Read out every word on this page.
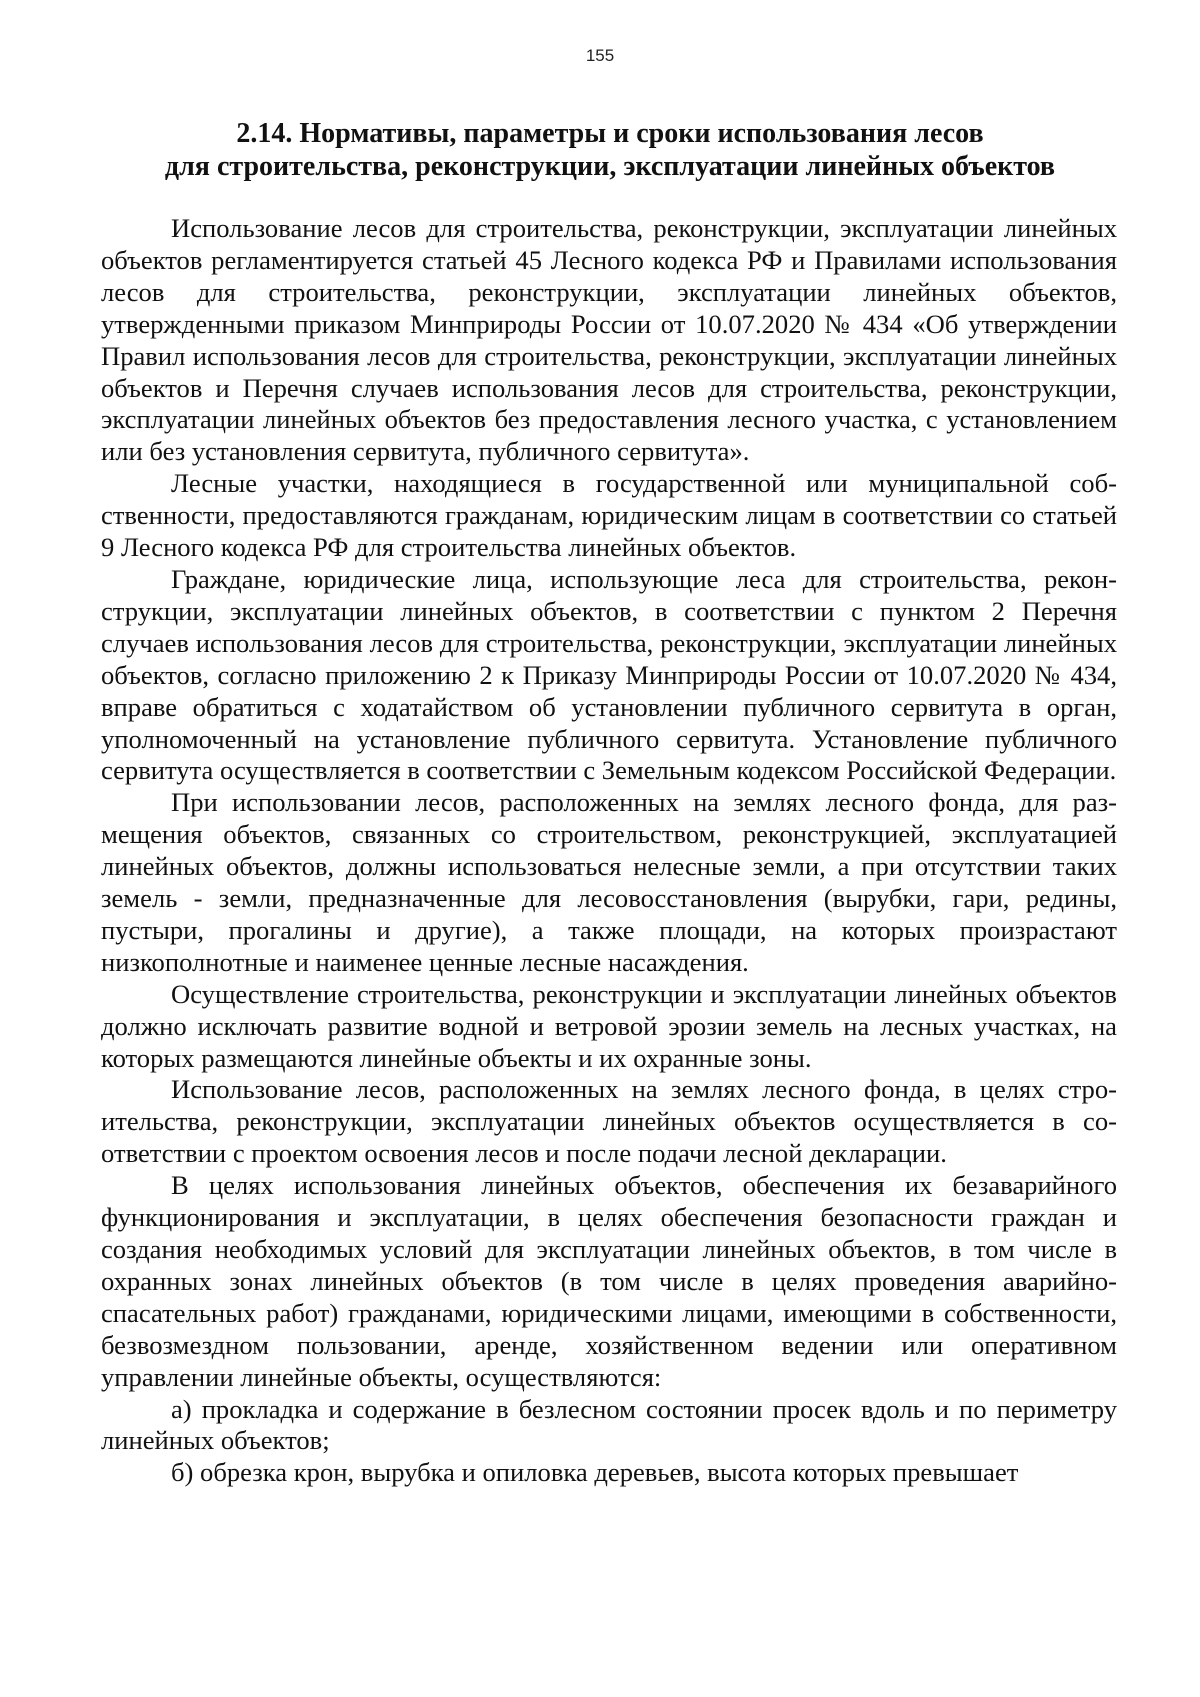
155
2.14. Нормативы, параметры и сроки использования лесов
для строительства, реконструкции, эксплуатации линейных объектов

Использование лесов для строительства, реконструкции, эксплуатации линейных объектов регламентируется статьей 45 Лесного кодекса РФ и Правилами использования лесов для строительства, реконструкции, эксплуатации линейных объектов, утвержденными приказом Минприроды России от 10.07.2020 № 434 «Об утверждении Правил использования лесов для строительства, реконструкции, эксплуатации линейных объектов и Перечня случаев использования лесов для строительства, реконструкции, эксплуатации линейных объектов без предоставления лесного участка, с установлением или без установления сервитута, публичного сервитута».

Лесные участки, находящиеся в государственной или муниципальной собственности, предоставляются гражданам, юридическим лицам в соответствии со статьей 9 Лесного кодекса РФ для строительства линейных объектов.

Граждане, юридические лица, использующие леса для строительства, реконструкции, эксплуатации линейных объектов, в соответствии с пунктом 2 Перечня случаев использования лесов для строительства, реконструкции, эксплуатации линейных объектов, согласно приложению 2 к Приказу Минприроды России от 10.07.2020 № 434, вправе обратиться с ходатайством об установлении публичного сервитута в орган, уполномоченный на установление публичного сервитута. Установление публичного сервитута осуществляется в соответствии с Земельным кодексом Российской Федерации.

При использовании лесов, расположенных на землях лесного фонда, для размещения объектов, связанных со строительством, реконструкцией, эксплуатацией линейных объектов, должны использоваться нелесные земли, а при отсутствии таких земель - земли, предназначенные для лесовосстановления (вырубки, гари, редины, пустыри, прогалины и другие), а также площади, на которых произрастают низкополнотные и наименее ценные лесные насаждения.

Осуществление строительства, реконструкции и эксплуатации линейных объектов должно исключать развитие водной и ветровой эрозии земель на лесных участках, на которых размещаются линейные объекты и их охранные зоны.

Использование лесов, расположенных на землях лесного фонда, в целях строительства, реконструкции, эксплуатации линейных объектов осуществляется в соответствии с проектом освоения лесов и после подачи лесной декларации.

В целях использования линейных объектов, обеспечения их безаварийного функционирования и эксплуатации, в целях обеспечения безопасности граждан и создания необходимых условий для эксплуатации линейных объектов, в том числе в охранных зонах линейных объектов (в том числе в целях проведения аварийно-спасательных работ) гражданами, юридическими лицами, имеющими в собственности, безвозмездном пользовании, аренде, хозяйственном ведении или оперативном управлении линейные объекты, осуществляются:

а) прокладка и содержание в безлесном состоянии просек вдоль и по периметру линейных объектов;

б) обрезка крон, вырубка и опиловка деревьев, высота которых превышает
